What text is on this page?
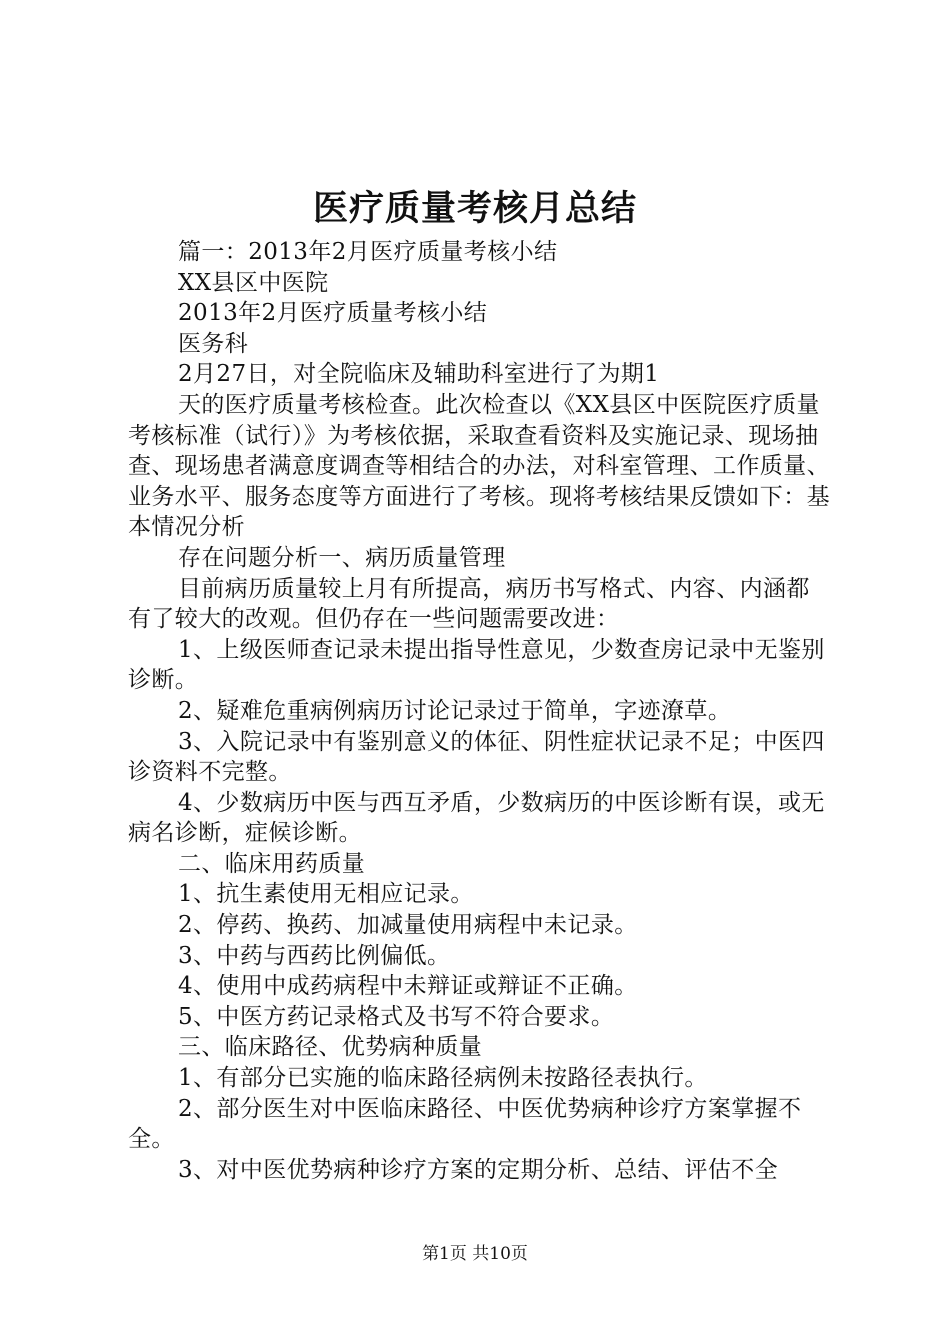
医疗质量考核月总结

篇一：2013年2月医疗质量考核小结

XX县区中医院

2013年2月医疗质量考核小结

医务科

2月27日，对全院临床及辅助科室进行了为期1

天的医疗质量考核检查。此次检查以《XX县区中医院医疗质量考核标准（试行）》为考核依据，采取查看资料及实施记录、现场抽查、现场患者满意度调查等相结合的办法，对科室管理、工作质量、业务水平、服务态度等方面进行了考核。现将考核结果反馈如下：基本情况分析

存在问题分析一、病历质量管理

目前病历质量较上月有所提高，病历书写格式、内容、内涵都有了较大的改观。但仍存在一些问题需要改进：

1、上级医师查记录未提出指导性意见，少数查房记录中无鉴别诊断。

2、疑难危重病例病历讨论记录过于简单，字迹潦草。

3、入院记录中有鉴别意义的体征、阴性症状记录不足；中医四诊资料不完整。

4、少数病历中医与西互矛盾，少数病历的中医诊断有误，或无病名诊断，症候诊断。

二、临床用药质量

1、抗生素使用无相应记录。

2、停药、换药、加减量使用病程中未记录。

3、中药与西药比例偏低。

4、使用中成药病程中未辩证或辩证不正确。

5、中医方药记录格式及书写不符合要求。

三、临床路径、优势病种质量

1、有部分已实施的临床路径病例未按路径表执行。

2、部分医生对中医临床路径、中医优势病种诊疗方案掌握不全。

3、对中医优势病种诊疗方案的定期分析、总结、评估不全

第1页 共10页
